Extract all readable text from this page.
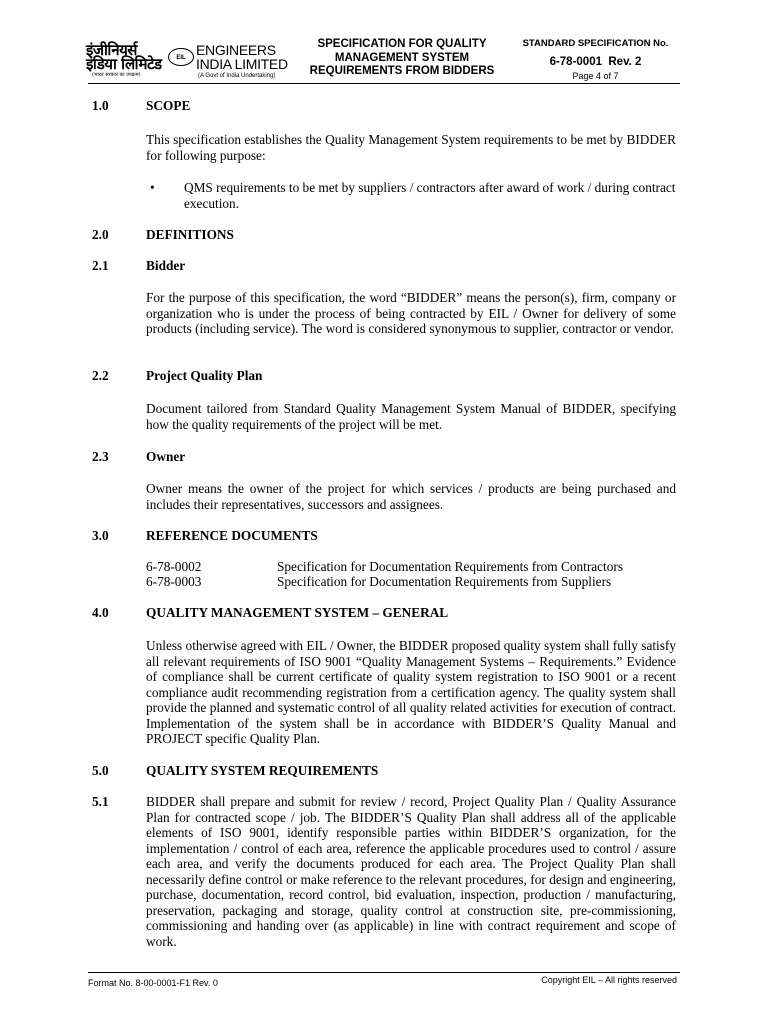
इंजीनियर्स
इंडिया लिमिटेड
(भारत सरकार का उपक्रम)
EIL ENGINEERS
INDIA LIMITED
(A Govt of India Undertaking)
SPECIFICATION FOR QUALITY
MANAGEMENT SYSTEM
REQUIREMENTS FROM BIDDERS
STANDARD SPECIFICATION No.
6-78-0001  Rev. 2
Page 4 of 7
1.0	SCOPE
This specification establishes the Quality Management System requirements to be met by BIDDER for following purpose:
• QMS requirements to be met by suppliers / contractors after award of work / during contract execution.
2.0	DEFINITIONS
2.1	Bidder
For the purpose of this specification, the word “BIDDER” means the person(s), firm, company or organization who is under the process of being contracted by EIL / Owner for delivery of some products (including service). The word is considered synonymous to supplier, contractor or vendor.
2.2	Project Quality Plan
Document tailored from Standard Quality Management System Manual of BIDDER, specifying how the quality requirements of the project will be met.
2.3	Owner
Owner means the owner of the project for which services / products are being purchased and includes their representatives, successors and assignees.
3.0	REFERENCE DOCUMENTS
6-78-0002	Specification for Documentation Requirements from Contractors
6-78-0003	Specification for Documentation Requirements from Suppliers
4.0	QUALITY MANAGEMENT SYSTEM – GENERAL
Unless otherwise agreed with EIL / Owner, the BIDDER proposed quality system shall fully satisfy all relevant requirements of ISO 9001 “Quality Management Systems – Requirements.” Evidence of compliance shall be current certificate of quality system registration to ISO 9001 or a recent compliance audit recommending registration from a certification agency. The quality system shall provide the planned and systematic control of all quality related activities for execution of contract. Implementation of the system shall be in accordance with BIDDER’S Quality Manual and PROJECT specific Quality Plan.
5.0	QUALITY SYSTEM REQUIREMENTS
5.1	BIDDER shall prepare and submit for review / record, Project Quality Plan / Quality Assurance Plan for contracted scope / job. The BIDDER’S Quality Plan shall address all of the applicable elements of ISO 9001, identify responsible parties within BIDDER’S organization, for the implementation / control of each area, reference the applicable procedures used to control / assure each area, and verify the documents produced for each area. The Project Quality Plan shall necessarily define control or make reference to the relevant procedures, for design and engineering, purchase, documentation, record control, bid evaluation, inspection, production / manufacturing, preservation, packaging and storage, quality control at construction site, pre-commissioning, commissioning and handing over (as applicable) in line with contract requirement and scope of work.
Format No. 8-00-0001-F1 Rev. 0	Copyright EIL – All rights reserved
